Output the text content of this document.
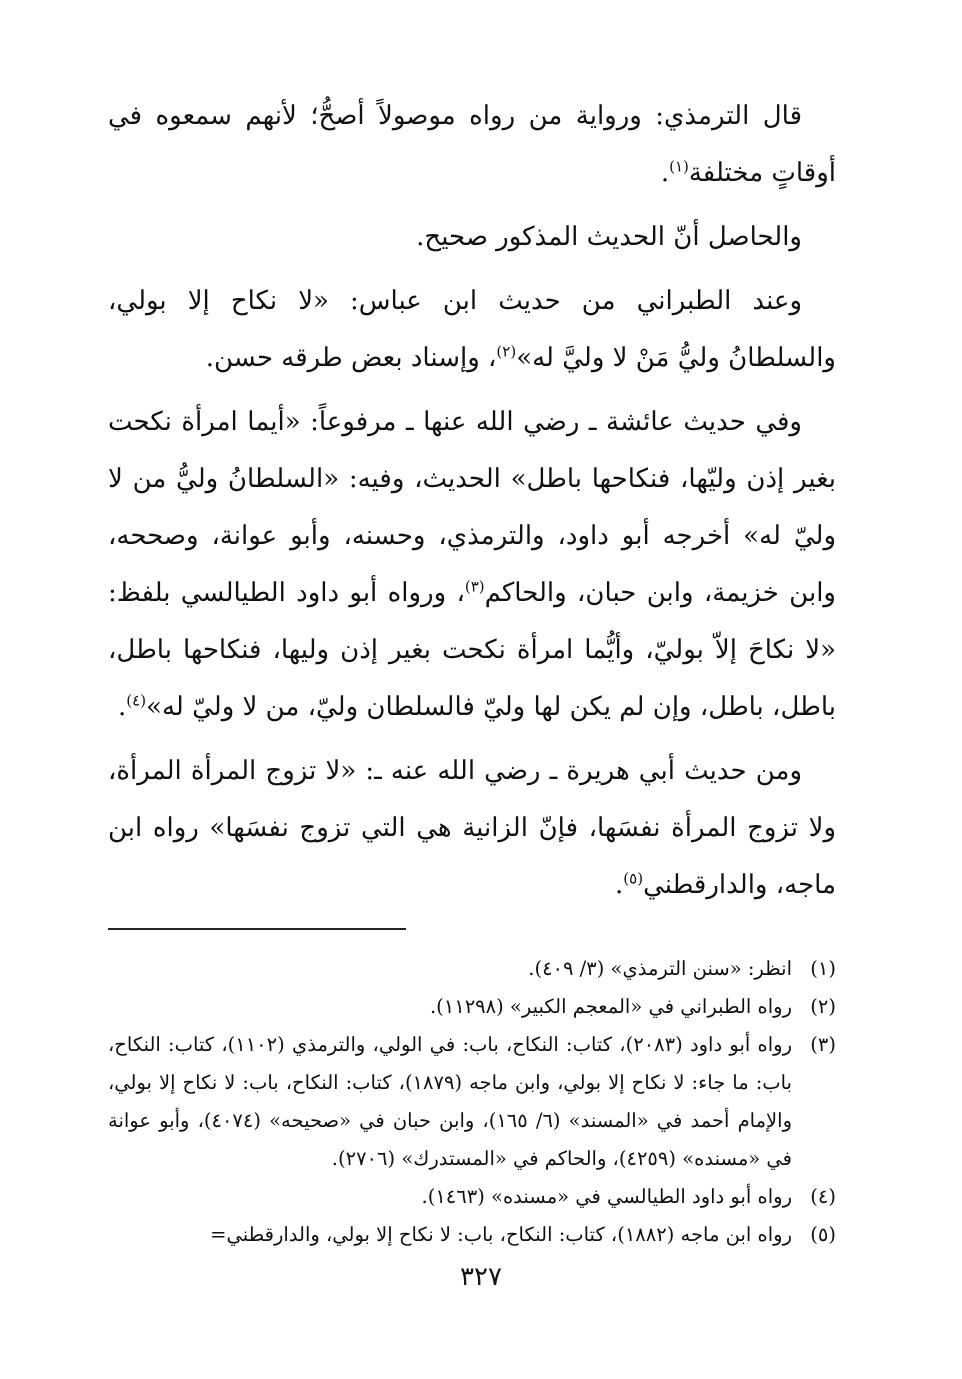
قال الترمذي: ورواية من رواه موصولاً أصحُّ؛ لأنهم سمعوه في أوقاتٍ مختلفة$^{(١)}$.

والحاصل أنّ الحديث المذكور صحيح.

وعند الطبراني من حديث ابن عباس: «لا نكاح إلا بولي، والسلطانُ وليُّ مَنْ لا وليَّ له»$^{(٢)}$، وإسناد بعض طرقه حسن.

وفي حديث عائشة ـ رضي الله عنها ـ مرفوعاً: «أيما امرأة نكحت بغير إذن وليّها، فنكاحها باطل» الحديث، وفيه: «السلطانُ وليُّ من لا وليّ له» أخرجه أبو داود، والترمذي، وحسنه، وأبو عوانة، وصححه، وابن خزيمة، وابن حبان، والحاكم$^{(٣)}$، ورواه أبو داود الطيالسي بلفظ: «لا نكاحَ إلاّ بوليّ، وأيُّما امرأة نكحت بغير إذن وليها، فنكاحها باطل، باطل، باطل، وإن لم يكن لها وليّ فالسلطان وليّ، من لا وليّ له»$^{(٤)}$.

ومن حديث أبي هريرة ـ رضي الله عنه ـ: «لا تزوج المرأة المرأة، ولا تزوج المرأة نفسَها، فإنّ الزانية هي التي تزوج نفسَها» رواه ابن ماجه، والدارقطني$^{(٥)}$.

(١)
انظر: «سنن الترمذي» (٣/ ٤٠٩).
(٢)
رواه الطبراني في «المعجم الكبير» (١١٢٩٨).
(٣)
رواه أبو داود (٢٠٨٣)، كتاب: النكاح، باب: في الولي، والترمذي (١١٠٢)، كتاب: النكاح، باب: ما جاء: لا نكاح إلا بولي، وابن ماجه (١٨٧٩)، كتاب: النكاح، باب: لا نكاح إلا بولي، والإمام أحمد في «المسند» (٦/ ١٦٥)، وابن حبان في «صحيحه» (٤٠٧٤)، وأبو عوانة في «مسنده» (٤٢٥٩)، والحاكم في «المستدرك» (٢٧٠٦).
(٤)
رواه أبو داود الطيالسي في «مسنده» (١٤٦٣).
(٥)
رواه ابن ماجه (١٨٨٢)، كتاب: النكاح، باب: لا نكاح إلا بولي، والدارقطني=
٣٢٧
